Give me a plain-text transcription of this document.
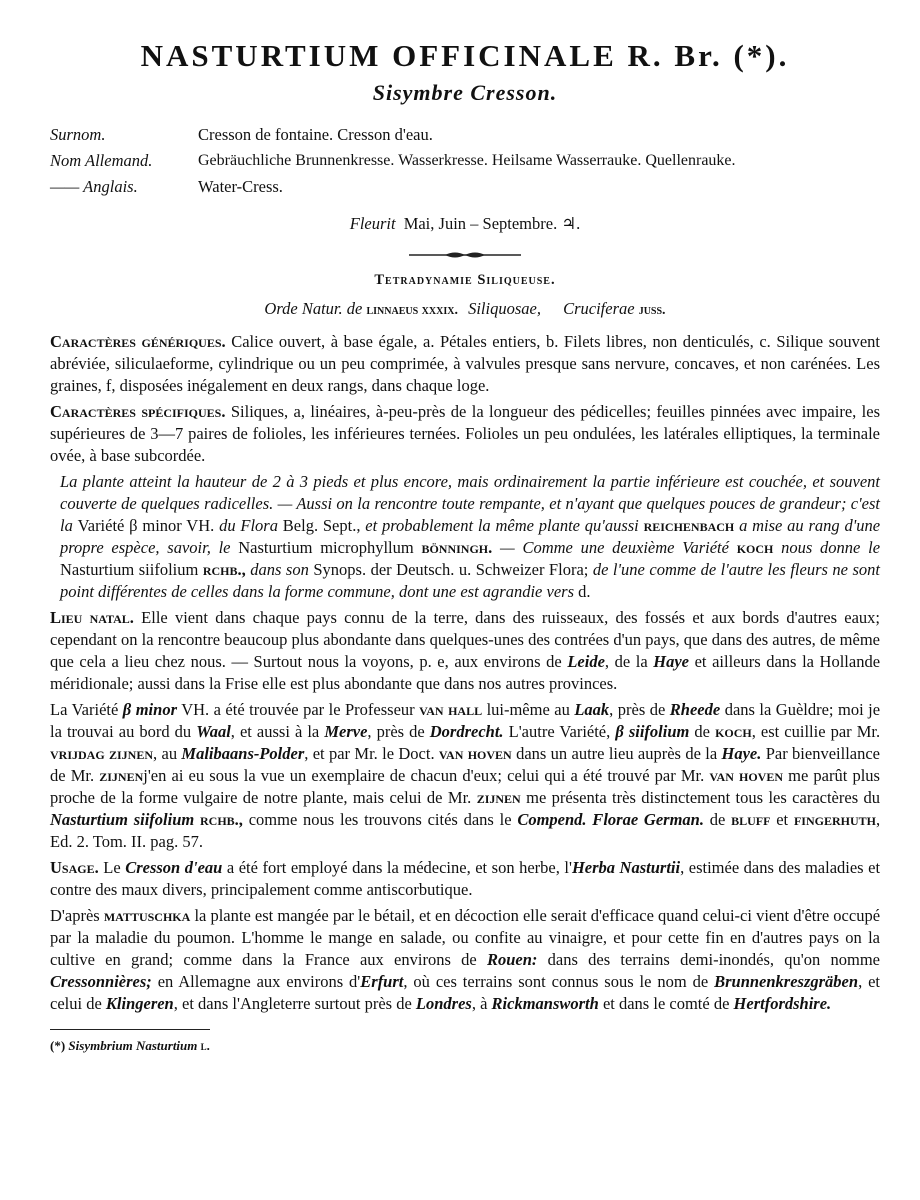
NASTURTIUM OFFICINALE R. Br. (*).
Sisymbre Cresson.
Surnom.	Cresson de fontaine. Cresson d'eau.
Nom Allemand.	Gebräuchliche Brunnenkresse. Wasserkresse. Heilsame Wasserrauke. Quellenrauke.
—— Anglais.	Water-Cress.
Fleurit Mai, Juin – Septembre. ♃.
Tetradynamie Siliqueuse.
Orde Natur. de linnaeus xxxix. Siliquosae, Cruciferae juss.

Caractères génériques. Calice ouvert, à base égale, a. Pétales entiers, b. Filets libres, non denticulés, c. Silique souvent abréviée, siliculaeforme, cylindrique ou un peu comprimée, à valvules presque sans nervure, concaves, et non carénées. Les graines, f, disposées inégalement en deux rangs, dans chaque loge.

Caractères spécifiques. Siliques, a, linéaires, à-peu-près de la longueur des pédicelles; feuilles pinnées avec impaire, les supérieures de 3—7 paires de folioles, les inférieures ternées. Folioles un peu ondulées, les latérales elliptiques, la terminale ovée, à base subcordée.

La plante atteint la hauteur de 2 à 3 pieds et plus encore, mais ordinairement la partie inférieure est couchée, et souvent couverte de quelques radicelles. — Aussi on la rencontre toute rempante, et n'ayant que quelques pouces de grandeur; c'est la Variété β minor VH. du Flora Belg. Sept., et probablement la même plante qu'aussi reichenbach a mise au rang d'une propre espèce, savoir, le Nasturtium microphyllum bönningh. — Comme une deuxième Variété koch nous donne le Nasturtium siifolium rchb., dans son Synops. der Deutsch. u. Schweizer Flora; de l'une comme de l'autre les fleurs ne sont point différentes de celles dans la forme commune, dont une est agrandie vers d.

Lieu natal. Elle vient dans chaque pays connu de la terre, dans des ruisseaux, des fossés et aux bords d'autres eaux; cependant on la rencontre beaucoup plus abondante dans quelques-unes des contrées d'un pays, que dans des autres, de même que cela a lieu chez nous. — Surtout nous la voyons, p. e, aux environs de Leide, de la Haye et ailleurs dans la Hollande méridionale; aussi dans la Frise elle est plus abondante que dans nos autres provinces.

La Variété β minor VH. a été trouvée par le Professeur van hall lui-même au Laak, près de Rheede dans la Guèldre; moi je la trouvai au bord du Waal, et aussi à la Merve, près de Dordrecht. L'autre Variété, β siifolium de koch, est cuillie par Mr. vrijdag zijnen, au Malibaans-Polder, et par Mr. le Doct. van hoven dans un autre lieu auprès de la Haye. Par bienveillance de Mr. zijnenj'en ai eu sous la vue un exemplaire de chacun d'eux; celui qui a été trouvé par Mr. van hoven me parût plus proche de la forme vulgaire de notre plante, mais celui de Mr. zijnen me présenta très distinctement tous les caractères du Nasturtium siifolium rchb., comme nous les trouvons cités dans le Compend. Florae German. de bluff et fingerhuth, Ed. 2. Tom. II. pag. 57.

Usage. Le Cresson d'eau a été fort employé dans la médecine, et son herbe, l'Herba Nasturtii, estimée dans des maladies et contre des maux divers, principalement comme antiscorbutique.

D'après mattuschka la plante est mangée par le bétail, et en décoction elle serait d'efficace quand celui-ci vient d'être occupé par la maladie du poumon. L'homme le mange en salade, ou confite au vinaigre, et pour cette fin en d'autres pays on la cultive en grand; comme dans la France aux environs de Rouen: dans des terrains demi-inondés, qu'on nomme Cressonnières; en Allemagne aux environs d'Erfurt, où ces terrains sont connus sous le nom de Brunnenkreszgräben, et celui de Klingeren, et dans l'Angleterre surtout près de Londres, à Rickmansworth et dans le comté de Hertfordshire.

(*) Sisymbrium Nasturtium l.
